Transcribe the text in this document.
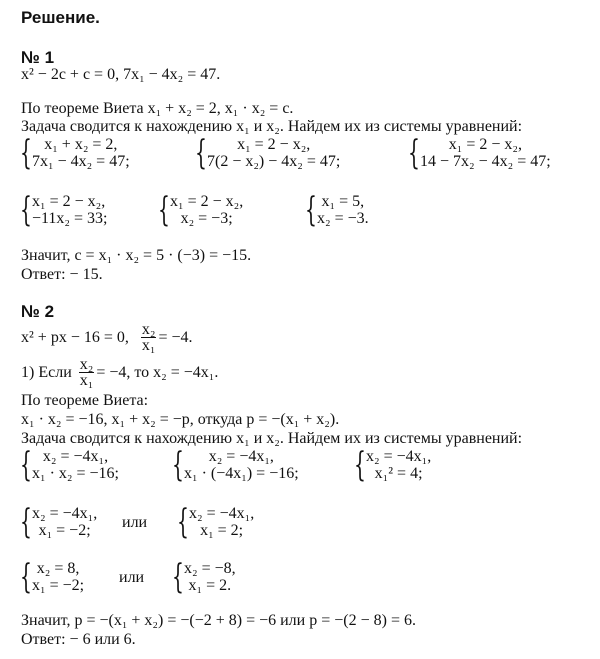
Решение.
№ 1
x² − 2c + c = 0, 7x₁ − 4x₂ = 47.
По теореме Виета x₁ + x₂ = 2, x₁ · x₂ = c.
Задача сводится к нахождению x₁ и x₂. Найдем их из системы уравнений:
{ x₁ + x₂ = 2,
7x₁ − 4x₂ = 47; { x₁ = 2 − x₂,
7(2 − x₂) − 4x₂ = 47; { x₁ = 2 − x₂,
14 − 7x₂ − 4x₂ = 47;
{ x₁ = 2 − x₂,
−11x₂ = 33; { x₁ = 2 − x₂,
x₂ = −3; { x₁ = 5,
x₂ = −3.
Значит, c = x₁ · x₂ = 5 · (−3) = −15.
Ответ: − 15.
№ 2
x² + px − 16 = 0, $\frac{\text{x₂}}{\text{x₁}} = -4$.
1) Если $\frac{\text{x₂}}{\text{x₁}} = -4$, то x₂ = −4x₁.
По теореме Виета:
x₁ · x₂ = −16, x₁ + x₂ = −p, откуда p = −(x₁ + x₂).
Задача сводится к нахождению x₁ и x₂. Найдем их из системы уравнений:
{ x₂ = −4x₁,
x₁ · x₂ = −16; { x₂ = −4x₁,
x₁ · (−4x₁) = −16; { x₂ = −4x₁,
x₁² = 4;
{ x₂ = −4x₁,
x₁ = −2; или { x₂ = −4x₁,
x₁ = 2;
{ x₂ = 8,
x₁ = −2; или { x₂ = −8,
x₁ = 2.
Значит, p = −(x₁ + x₂) = −(−2 + 8) = −6 или p = −(2 − 8) = 6.
Ответ: − 6 или 6.
